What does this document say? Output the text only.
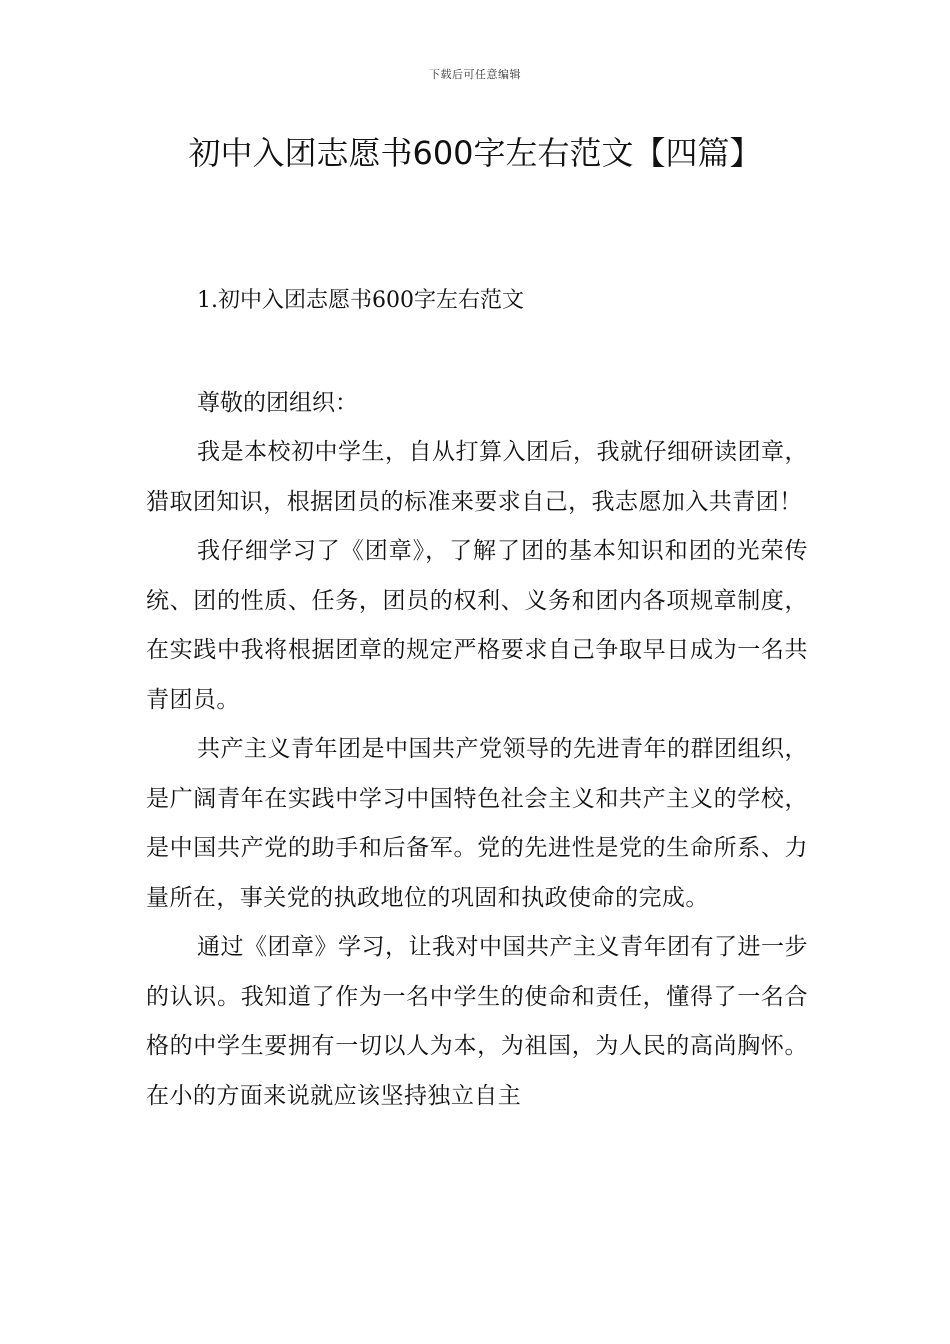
下载后可任意编辑
初中入团志愿书600字左右范文【四篇】
1.初中入团志愿书600字左右范文

尊敬的团组织：

我是本校初中学生，自从打算入团后，我就仔细研读团章，猎取团知识，根据团员的标准来要求自己，我志愿加入共青团！

我仔细学习了《团章》，了解了团的基本知识和团的光荣传统、团的性质、任务，团员的权利、义务和团内各项规章制度，在实践中我将根据团章的规定严格要求自己争取早日成为一名共青团员。

共产主义青年团是中国共产党领导的先进青年的群团组织，是广阔青年在实践中学习中国特色社会主义和共产主义的学校，是中国共产党的助手和后备军。党的先进性是党的生命所系、力量所在，事关党的执政地位的巩固和执政使命的完成。

通过《团章》学习，让我对中国共产主义青年团有了进一步的认识。我知道了作为一名中学生的使命和责任，懂得了一名合格的中学生要拥有一切以人为本，为祖国，为人民的高尚胸怀。在小的方面来说就应该坚持独立自主
